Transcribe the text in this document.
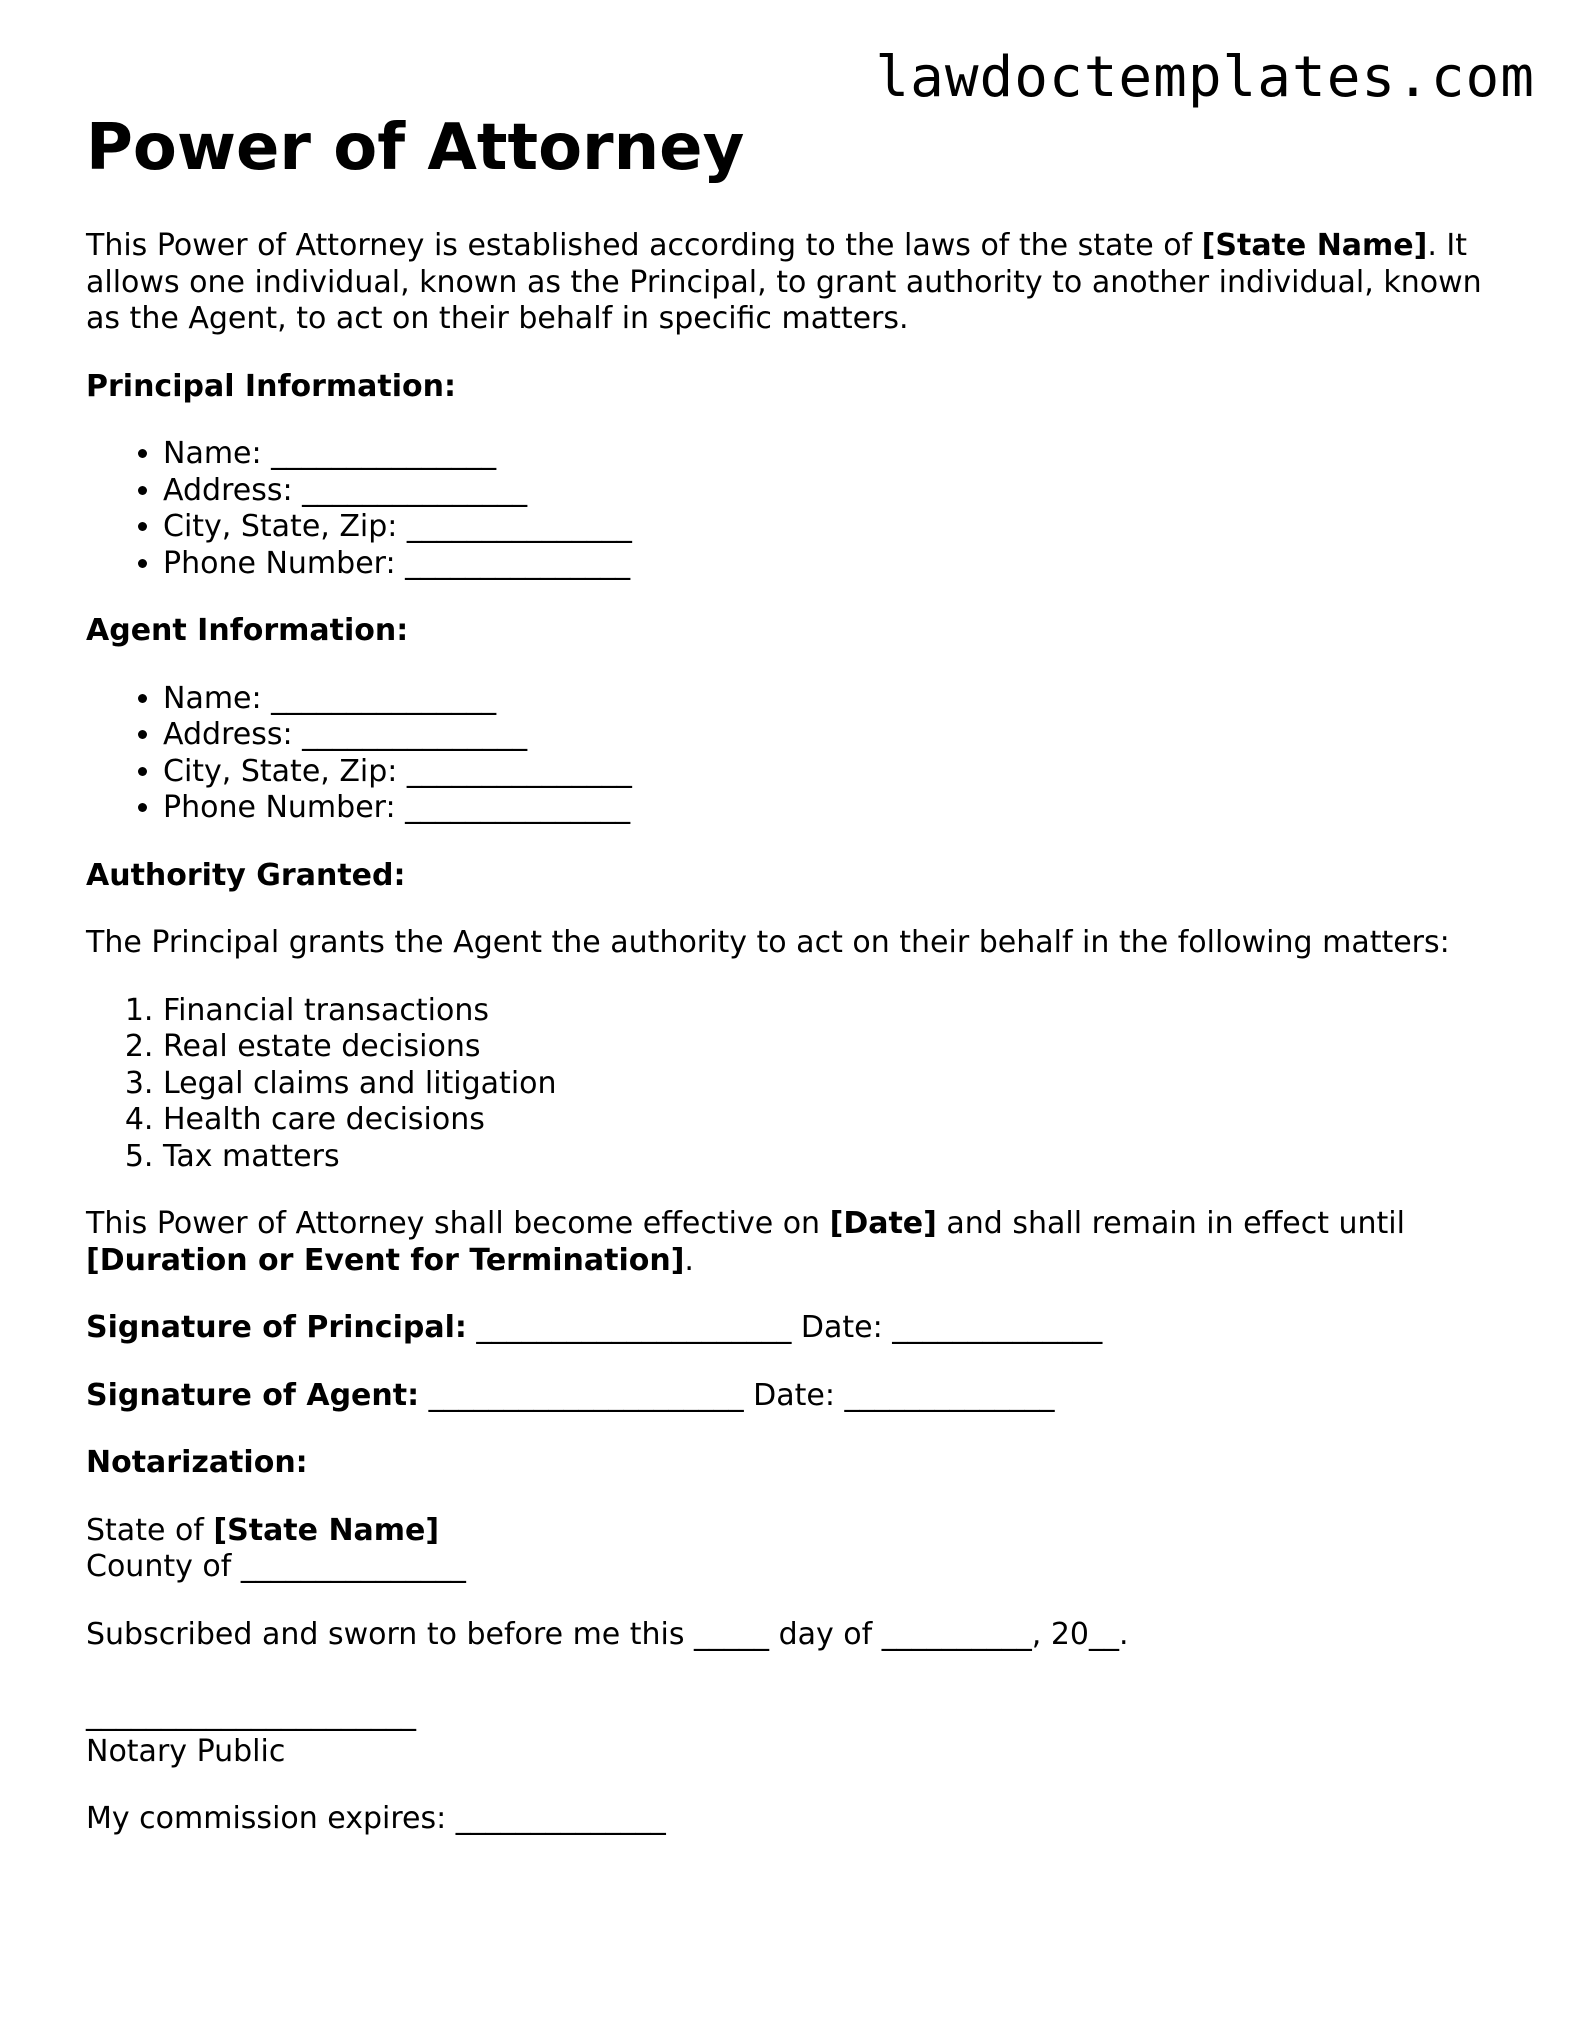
lawdoctemplates.com
Power of Attorney

This Power of Attorney is established according to the laws of the state of [State Name]. It allows one individual, known as the Principal, to grant authority to another individual, known as the Agent, to act on their behalf in specific matters.

Principal Information:
• Name: _______________
• Address: _______________
• City, State, Zip: _______________
• Phone Number: _______________
Agent Information:
• Name: _______________
• Address: _______________
• City, State, Zip: _______________
• Phone Number: _______________
Authority Granted:

The Principal grants the Agent the authority to act on their behalf in the following matters:

1. Financial transactions
2. Real estate decisions
3. Legal claims and litigation
4. Health care decisions
5. Tax matters

This Power of Attorney shall become effective on [Date] and shall remain in effect until
[Duration or Event for Termination].

Signature of Principal: _____________________ Date: ______________

Signature of Agent: _____________________ Date: ______________

Notarization:

State of [State Name]
County of _______________

Subscribed and sworn to before me this _____ day of __________, 20__.

______________________
Notary Public

My commission expires: ______________
